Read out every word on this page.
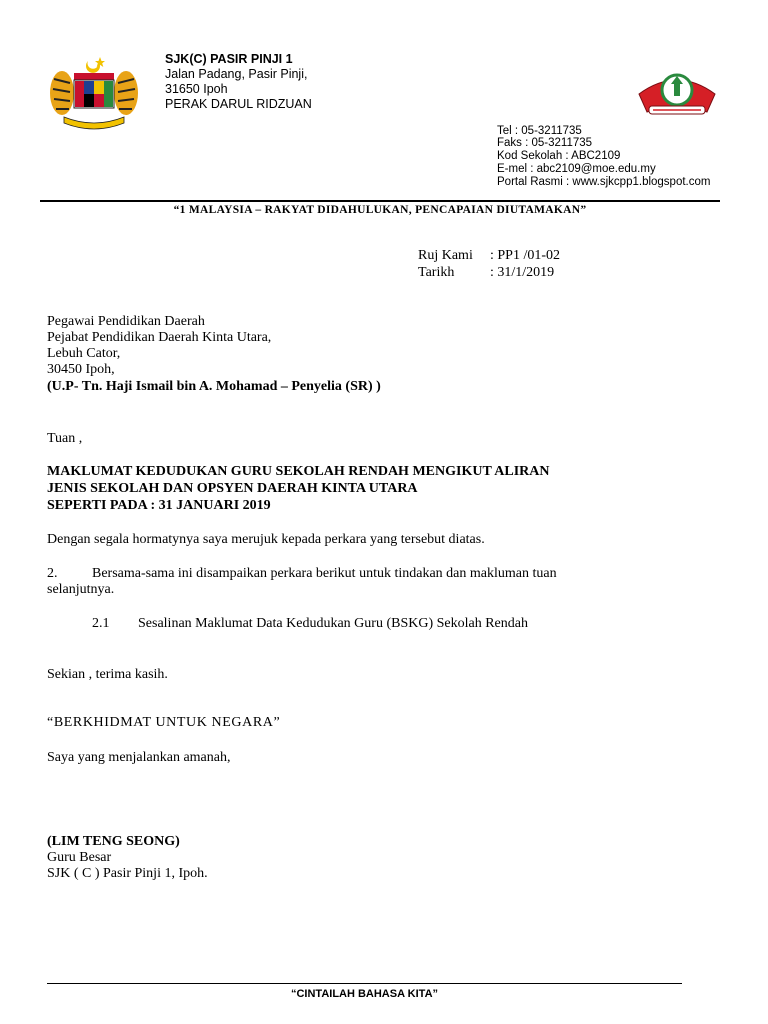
SJK(C) PASIR PINJI 1
Jalan Padang, Pasir Pinji,
31650 Ipoh
PERAK DARUL RIDZUAN
Tel : 05-3211735
Faks : 05-3211735
Kod Sekolah : ABC2109
E-mel : abc2109@moe.edu.my
Portal Rasmi : www.sjkcpp1.blogspot.com
“1 MALAYSIA – RAKYAT DIDAHULUKAN, PENCAPAIAN DIUTAMAKAN”
Ruj Kami : PP1 /01-02
Tarikh	: 31/1/2019
Pegawai Pendidikan Daerah
Pejabat Pendidikan Daerah Kinta Utara,
Lebuh Cator,
30450 Ipoh,
(U.P- Tn. Haji Ismail bin A. Mohamad – Penyelia (SR) )
Tuan ,
MAKLUMAT KEDUDUKAN GURU SEKOLAH RENDAH MENGIKUT ALIRAN
JENIS SEKOLAH DAN OPSYEN DAERAH KINTA UTARA
SEPERTI PADA : 31 JANUARI 2019
Dengan segala hormatynya saya merujuk kepada perkara yang tersebut diatas.
2. Bersama-sama ini disampaikan perkara berikut untuk tindakan dan makluman tuan
selanjutnya.
2.1 Sesalinan Maklumat Data Kedudukan Guru (BSKG) Sekolah Rendah
Sekian , terima kasih.
“BERKHIDMAT UNTUK NEGARA”
Saya yang menjalankan amanah,
(LIM TENG SEONG)
Guru Besar
SJK ( C ) Pasir Pinji 1, Ipoh.
“CINTAILAH BAHASA KITA”
